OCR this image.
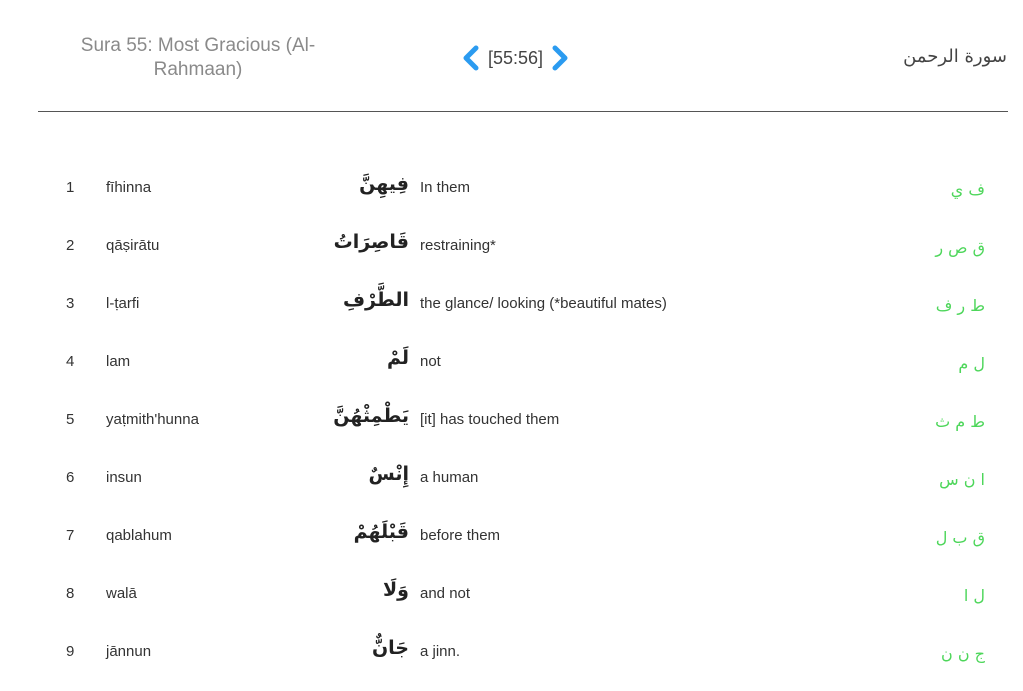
Sura 55: Most Gracious (Al-Rahmaan)
[55:56]	سورة الرحمن
1 fīhinna	فِيهِنَّ In them	ف ي
2 qāṣirātu	قَاصِرَاتُ restraining*	ق ص ر
3 l-ṭarfi	الطَّرْفِ the glance/ looking (*beautiful mates)	ط ر ف
4 lam	لَمْ not	ل م
5 yaṭmith'hunna	يَطْمِثْهُنَّ [it] has touched them	ط م ث
6 insun	إِنْسٌ a human	ا ن س
7 qablahum	قَبْلَهُمْ before them	ق ب ل
8 walā	وَلَا and not	ل ا
9 jānnun	جَانٌّ a jinn.	ج ن ن
